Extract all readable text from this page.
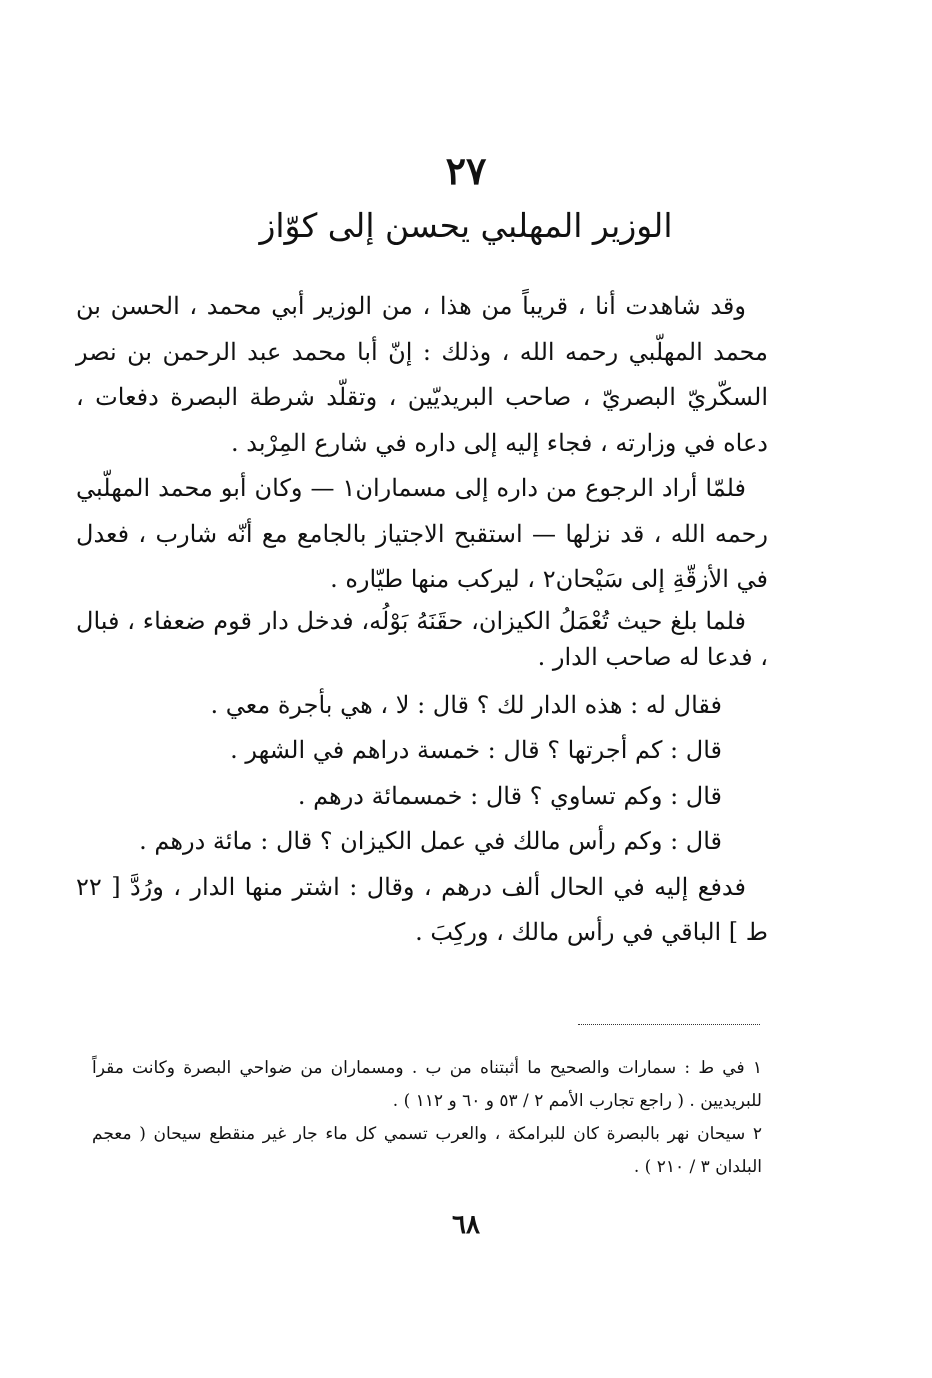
٢٧
الوزير المهلبي يحسن إلى كوّاز

وقد شاهدت أنا ، قريباً من هذا ، من الوزير أبي محمد ، الحسن بن محمد المهلّبي رحمه الله ، وذلك : إنّ أبا محمد عبد الرحمن بن نصر السكّريّ البصريّ ، صاحب البريديّين ، وتقلّد شرطة البصرة دفعات ، دعاه في وزارته ، فجاء إليه إلى داره في شارع المِرْبد .

فلمّا أراد الرجوع من داره إلى مسماران١ — وكان أبو محمد المهلّبي رحمه الله ، قد نزلها — استقبح الاجتياز بالجامع مع أنّه شارب ، فعدل في الأزقّةِ إلى سَيْحان٢ ، ليركب منها طيّاره .

فلما بلغ حيث تُعْمَلُ الكيزان، حقَنَهُ بَوْلُه، فدخل دار قوم ضعفاء ، فبال ، فدعا له صاحب الدار .

فقال له : هذه الدار لك ؟ قال : لا ، هي بأجرة معي .

قال : كم أجرتها ؟ قال : خمسة دراهم في الشهر .

قال : وكم تساوي ؟ قال : خمسمائة درهم .

قال : وكم رأس مالك في عمل الكيزان ؟ قال : مائة درهم .

فدفع إليه في الحال ألف درهم ، وقال : اشتر منها الدار ، ورُدَّ [ ٢٢ ط ] الباقي في رأس مالك ، وركِبَ .

١ في ط : سمارات والصحيح ما أثبتناه من ب . ومسماران من ضواحي البصرة وكانت مقراً للبريديين . ( راجع تجارب الأمم ٢ / ٥٣ و ٦٠ و ١١٢ ) .

٢ سيحان نهر بالبصرة كان للبرامكة ، والعرب تسمي كل ماء جار غير منقطع سيحان ( معجم البلدان ٣ / ٢١٠ ) .

٦٨
